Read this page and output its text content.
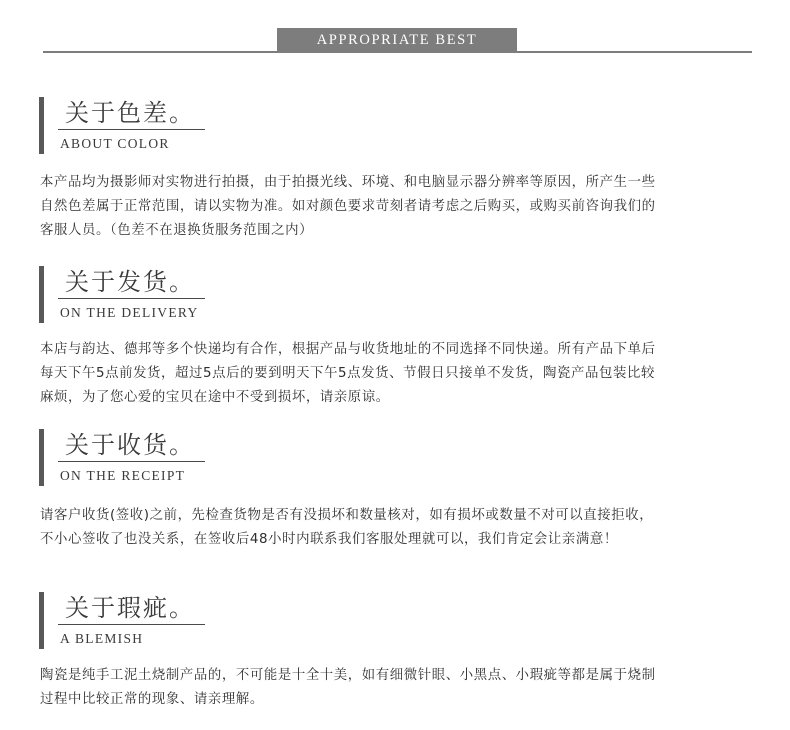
APPROPRIATE BEST
关于色差。
ABOUT COLOR

本产品均为摄影师对实物进行拍摄，由于拍摄光线、环境、和电脑显示器分辨率等原因，所产生一些

自然色差属于正常范围，请以实物为准。如对颜色要求苛刻者请考虑之后购买，或购买前咨询我们的

客服人员。（色差不在退换货服务范围之内）

关于发货。
ON THE DELIVERY

本店与韵达、德邦等多个快递均有合作，根据产品与收货地址的不同选择不同快递。所有产品下单后

每天下午5点前发货，超过5点后的要到明天下午5点发货、节假日只接单不发货，陶瓷产品包装比较

麻烦，为了您心爱的宝贝在途中不受到损坏，请亲原谅。

关于收货。
ON THE RECEIPT

请客户收货(签收)之前，先检查货物是否有没损坏和数量核对，如有损坏或数量不对可以直接拒收，

不小心签收了也没关系，在签收后48小时内联系我们客服处理就可以，我们肯定会让亲满意！

关于瑕疵。
A BLEMISH

陶瓷是纯手工泥土烧制产品的，不可能是十全十美，如有细微针眼、小黑点、小瑕疵等都是属于烧制

过程中比较正常的现象、请亲理解。
